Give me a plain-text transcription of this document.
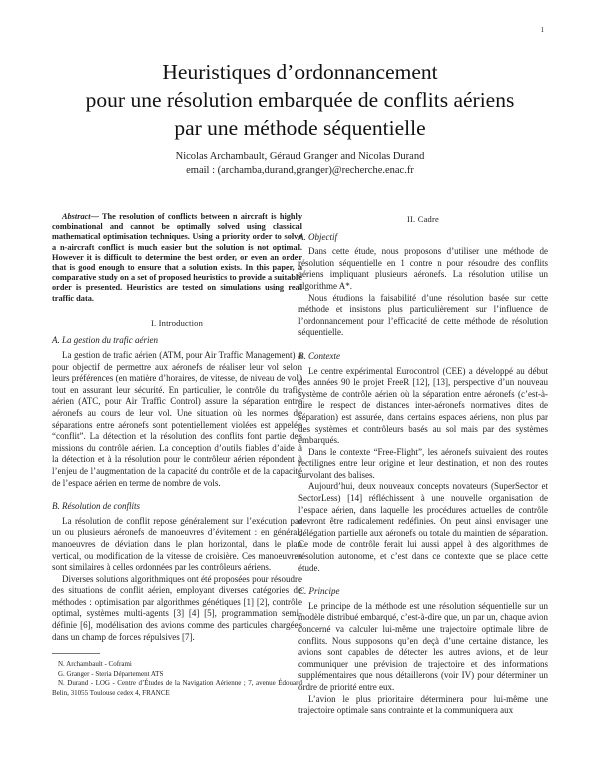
1
Heuristiques d’ordonnancement
pour une résolution embarquée de conflits aériens
par une méthode séquentielle
Nicolas Archambault, Géraud Granger and Nicolas Durand
email : (archamba,durand,granger)@recherche.enac.fr

Abstract— The resolution of conflicts between n aircraft is highly combinational and cannot be optimally solved using classical mathematical optimisation techniques. Using a priority order to solve a n-aircraft conflict is much easier but the solution is not optimal. However it is difficult to determine the best order, or even an order that is good enough to ensure that a solution exists. In this paper, a comparative study on a set of proposed heuristics to provide a suitable order is presented. Heuristics are tested on simulations using real traffic data.

I. Introduction
A. La gestion du trafic aérien

La gestion de trafic aérien (ATM, pour Air Traffic Management) a pour objectif de permettre aux aéronefs de réaliser leur vol selon leurs préférences (en matière d’horaires, de vitesse, de niveau de vol) tout en assurant leur sécurité. En particulier, le contrôle du trafic aérien (ATC, pour Air Traffic Control) assure la séparation entre aéronefs au cours de leur vol. Une situation où les normes de séparations entre aéronefs sont potentiellement violées est appelée “conflit”. La détection et la résolution des conflits font partie des missions du contrôle aérien. La conception d’outils fiables d’aide à la détection et à la résolution pour le contrôleur aérien répondent à l’enjeu de l’augmentation de la capacité du contrôle et de la capacité de l’espace aérien en terme de nombre de vols.

B. Résolution de conflits

La résolution de conflit repose généralement sur l’exécution par un ou plusieurs aéronefs de manoeuvres d’évitement : en général, manoeuvres de déviation dans le plan horizontal, dans le plan vertical, ou modification de la vitesse de croisière. Ces manoeuvres sont similaires à celles ordonnées par les contrôleurs aériens.

Diverses solutions algorithmiques ont été proposées pour résoudre des situations de conflit aérien, employant diverses catégories de méthodes : optimisation par algorithmes génétiques [1] [2], contrôle optimal, systèmes multi-agents [3] [4] [5], programmation semi-définie [6], modélisation des avions comme des particules chargées dans un champ de forces répulsives [7].

N. Archambault - Coframi

G. Granger - Steria Département ATS

N. Durand - LOG - Centre d’Études de la Navigation Aérienne ; 7, avenue Édouard Belin, 31055 Toulouse cedex 4, FRANCE

II. Cadre
A. Objectif

Dans cette étude, nous proposons d’utiliser une méthode de résolution séquentielle en 1 contre n pour résoudre des conflits aériens impliquant plusieurs aéronefs. La résolution utilise un algorithme A*.

Nous étudions la faisabilité d’une résolution basée sur cette méthode et insistons plus particulièrement sur l’influence de l’ordonnancement pour l’efficacité de cette méthode de résolution séquentielle.

B. Contexte

Le centre expérimental Eurocontrol (CEE) a développé au début des années 90 le projet FreeR [12], [13], perspective d’un nouveau système de contrôle aérien où la séparation entre aéronefs (c’est-à-dire le respect de distances inter-aéronefs normatives dites de séparation) est assurée, dans certains espaces aériens, non plus par des systèmes et contrôleurs basés au sol mais par des systèmes embarqués.

Dans le contexte “Free-Flight”, les aéronefs suivaient des routes rectilignes entre leur origine et leur destination, et non des routes survolant des balises.

Aujourd’hui, deux nouveaux concepts novateurs (SuperSector et SectorLess) [14] réfléchissent à une nouvelle organisation de l’espace aérien, dans laquelle les procédures actuelles de contrôle devront être radicalement redéfinies. On peut ainsi envisager une délégation partielle aux aéronefs ou totale du maintien de séparation. Ce mode de contrôle ferait lui aussi appel à des algorithmes de résolution autonome, et c’est dans ce contexte que se place cette étude.

C. Principe

Le principe de la méthode est une résolution séquentielle sur un modèle distribué embarqué, c’est-à-dire que, un par un, chaque avion concerné va calculer lui-même une trajectoire optimale libre de conflits. Nous supposons qu’en deçà d’une certaine distance, les avions sont capables de détecter les autres avions, et de leur communiquer une prévision de trajectoire et des informations supplémentaires que nous détaillerons (voir IV) pour déterminer un ordre de priorité entre eux.

L’avion le plus prioritaire déterminera pour lui-même une trajectoire optimale sans contrainte et la communiquera aux
